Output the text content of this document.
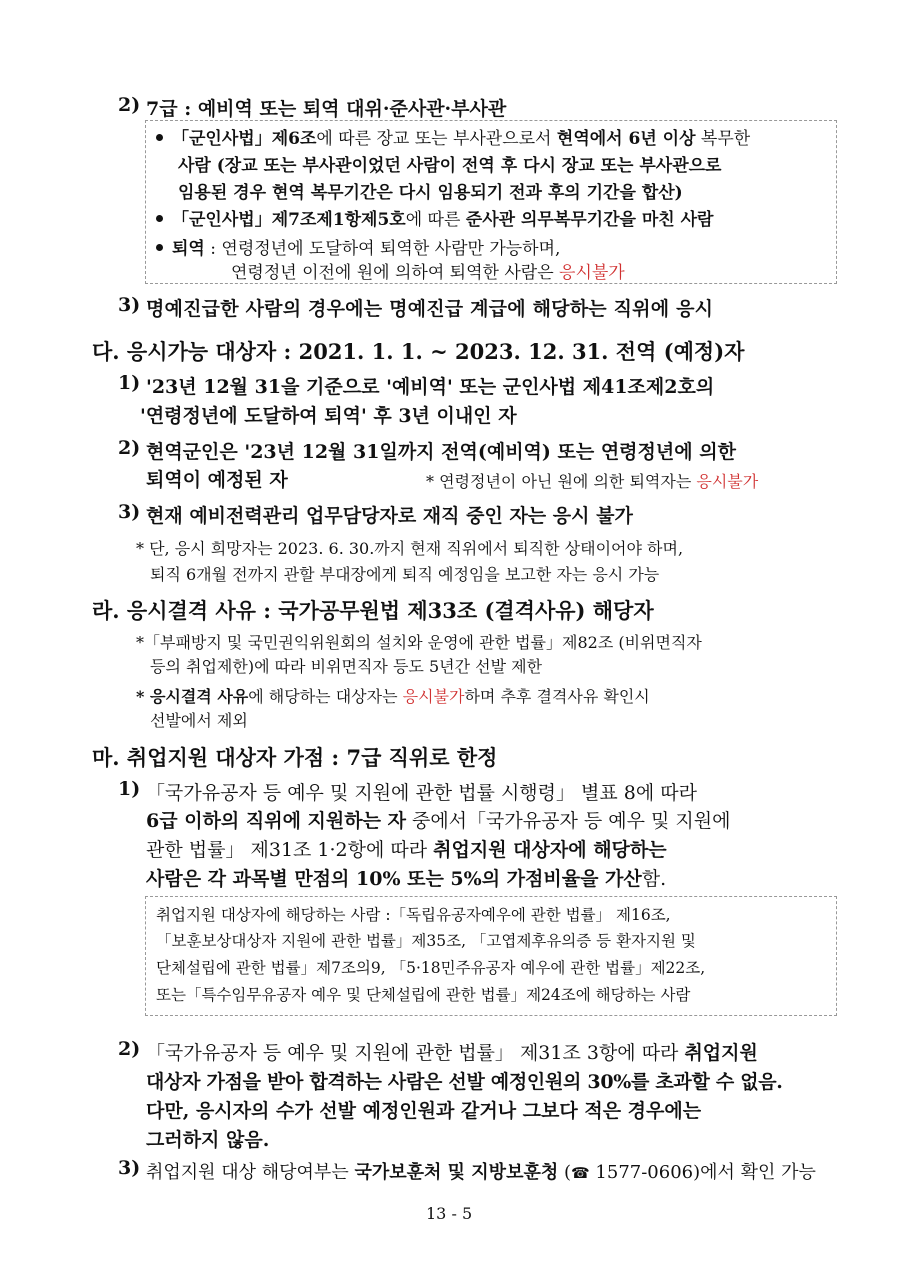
2) 7급 : 예비역 또는 퇴역 대위·준사관·부사관
「군인사법」제6조에 따른 장교 또는 부사관으로서 현역에서 6년 이상 복무한
사람 (장교 또는 부사관이었던 사람이 전역 후 다시 장교 또는 부사관으로
임용된 경우 현역 복무기간은 다시 임용되기 전과 후의 기간을 합산)
「군인사법」제7조제1항제5호에 따른 준사관 의무복무기간을 마친 사람
퇴역 : 연령정년에 도달하여 퇴역한 사람만 가능하며,
연령정년 이전에 원에 의하여 퇴역한 사람은 응시불가
3) 명예진급한 사람의 경우에는 명예진급 계급에 해당하는 직위에 응시
다. 응시가능 대상자 : 2021. 1. 1. ~ 2023. 12. 31. 전역 (예정)자
1) '23년 12월 31을 기준으로 '예비역' 또는 군인사법 제41조제2호의
'연령정년에 도달하여 퇴역' 후 3년 이내인 자
2) 현역군인은 '23년 12월 31일까지 전역(예비역) 또는 연령정년에 의한
퇴역이 예정된 자	* 연령정년이 아닌 원에 의한 퇴역자는 응시불가
3) 현재 예비전력관리 업무담당자로 재직 중인 자는 응시 불가
* 단, 응시 희망자는 2023. 6. 30.까지 현재 직위에서 퇴직한 상태이어야 하며,
퇴직 6개월 전까지 관할 부대장에게 퇴직 예정임을 보고한 자는 응시 가능
라. 응시결격 사유 : 국가공무원법 제33조 (결격사유) 해당자
*「부패방지 및 국민권익위원회의 설치와 운영에 관한 법률」제82조 (비위면직자
등의 취업제한)에 따라 비위면직자 등도 5년간 선발 제한
* 응시결격 사유에 해당하는 대상자는 응시불가하며 추후 결격사유 확인시
선발에서 제외
마. 취업지원 대상자 가점 : 7급 직위로 한정
1) 「국가유공자 등 예우 및 지원에 관한 법률 시행령」 별표 8에 따라
6급 이하의 직위에 지원하는 자 중에서「국가유공자 등 예우 및 지원에
관한 법률」 제31조 1·2항에 따라 취업지원 대상자에 해당하는
사람은 각 과목별 만점의 10% 또는 5%의 가점비율을 가산함.
취업지원 대상자에 해당하는 사람 :「독립유공자예우에 관한 법률」 제16조,
「보훈보상대상자 지원에 관한 법률」제35조, 「고엽제후유의증 등 환자지원 및
단체설립에 관한 법률」제7조의9, 「5·18민주유공자 예우에 관한 법률」제22조,
또는「특수임무유공자 예우 및 단체설립에 관한 법률」제24조에 해당하는 사람
2) 「국가유공자 등 예우 및 지원에 관한 법률」 제31조 3항에 따라 취업지원
대상자 가점을 받아 합격하는 사람은 선발 예정인원의 30%를 초과할 수 없음.
다만, 응시자의 수가 선발 예정인원과 같거나 그보다 적은 경우에는
그러하지 않음.
3) 취업지원 대상 해당여부는 국가보훈처 및 지방보훈청 (☎ 1577-0606)에서 확인 가능
13 - 5
